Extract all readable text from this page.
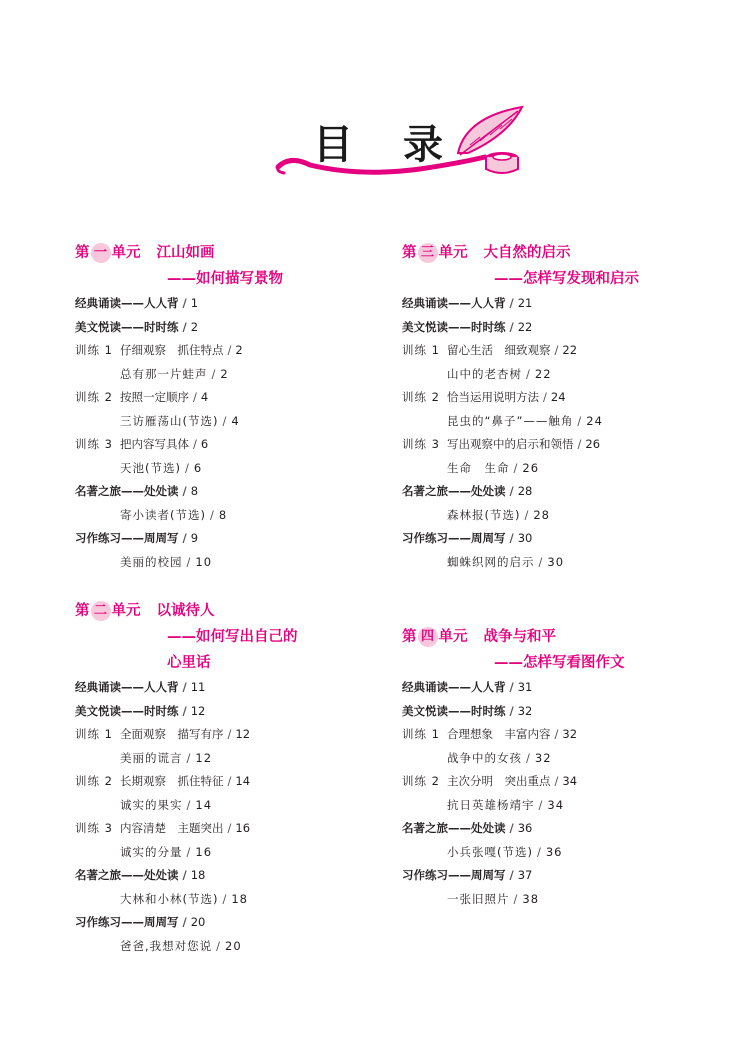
目录
第 一 单元 江山如画
——如何描写景物
经典诵读——人人背 / 1
美文悦读——时时练 / 2
训练 1 仔细观察　抓住特点 / 2
总有那一片蛙声 / 2
训练 2 按照一定顺序 / 4
三访雁荡山(节选) / 4
训练 3 把内容写具体 / 6
天池(节选) / 6
名著之旅——处处读 / 8
寄小读者(节选) / 8
习作练习——周周写 / 9
美丽的校园 / 10
第 二 单元 以诚待人
——如何写出自己的
心里话
经典诵读——人人背 / 11
美文悦读——时时练 / 12
训练 1 全面观察　描写有序 / 12
美丽的谎言 / 12
训练 2 长期观察　抓住特征 / 14
诚实的果实 / 14
训练 3 内容清楚　主题突出 / 16
诚实的分量 / 16
名著之旅——处处读 / 18
大林和小林(节选) / 18
习作练习——周周写 / 20
爸爸,我想对您说 / 20
第 三 单元 大自然的启示
——怎样写发现和启示
经典诵读——人人背 / 21
美文悦读——时时练 / 22
训练 1 留心生活　细致观察 / 22
山中的老杏树 / 22
训练 2 恰当运用说明方法 / 24
昆虫的“鼻子”——触角 / 24
训练 3 写出观察中的启示和领悟 / 26
生命　生命 / 26
名著之旅——处处读 / 28
森林报(节选) / 28
习作练习——周周写 / 30
蜘蛛织网的启示 / 30
第 四 单元 战争与和平
——怎样写看图作文
经典诵读——人人背 / 31
美文悦读——时时练 / 32
训练 1 合理想象　丰富内容 / 32
战争中的女孩 / 32
训练 2 主次分明　突出重点 / 34
抗日英雄杨靖宇 / 34
名著之旅——处处读 / 36
小兵张嘎(节选) / 36
习作练习——周周写 / 37
一张旧照片 / 38
